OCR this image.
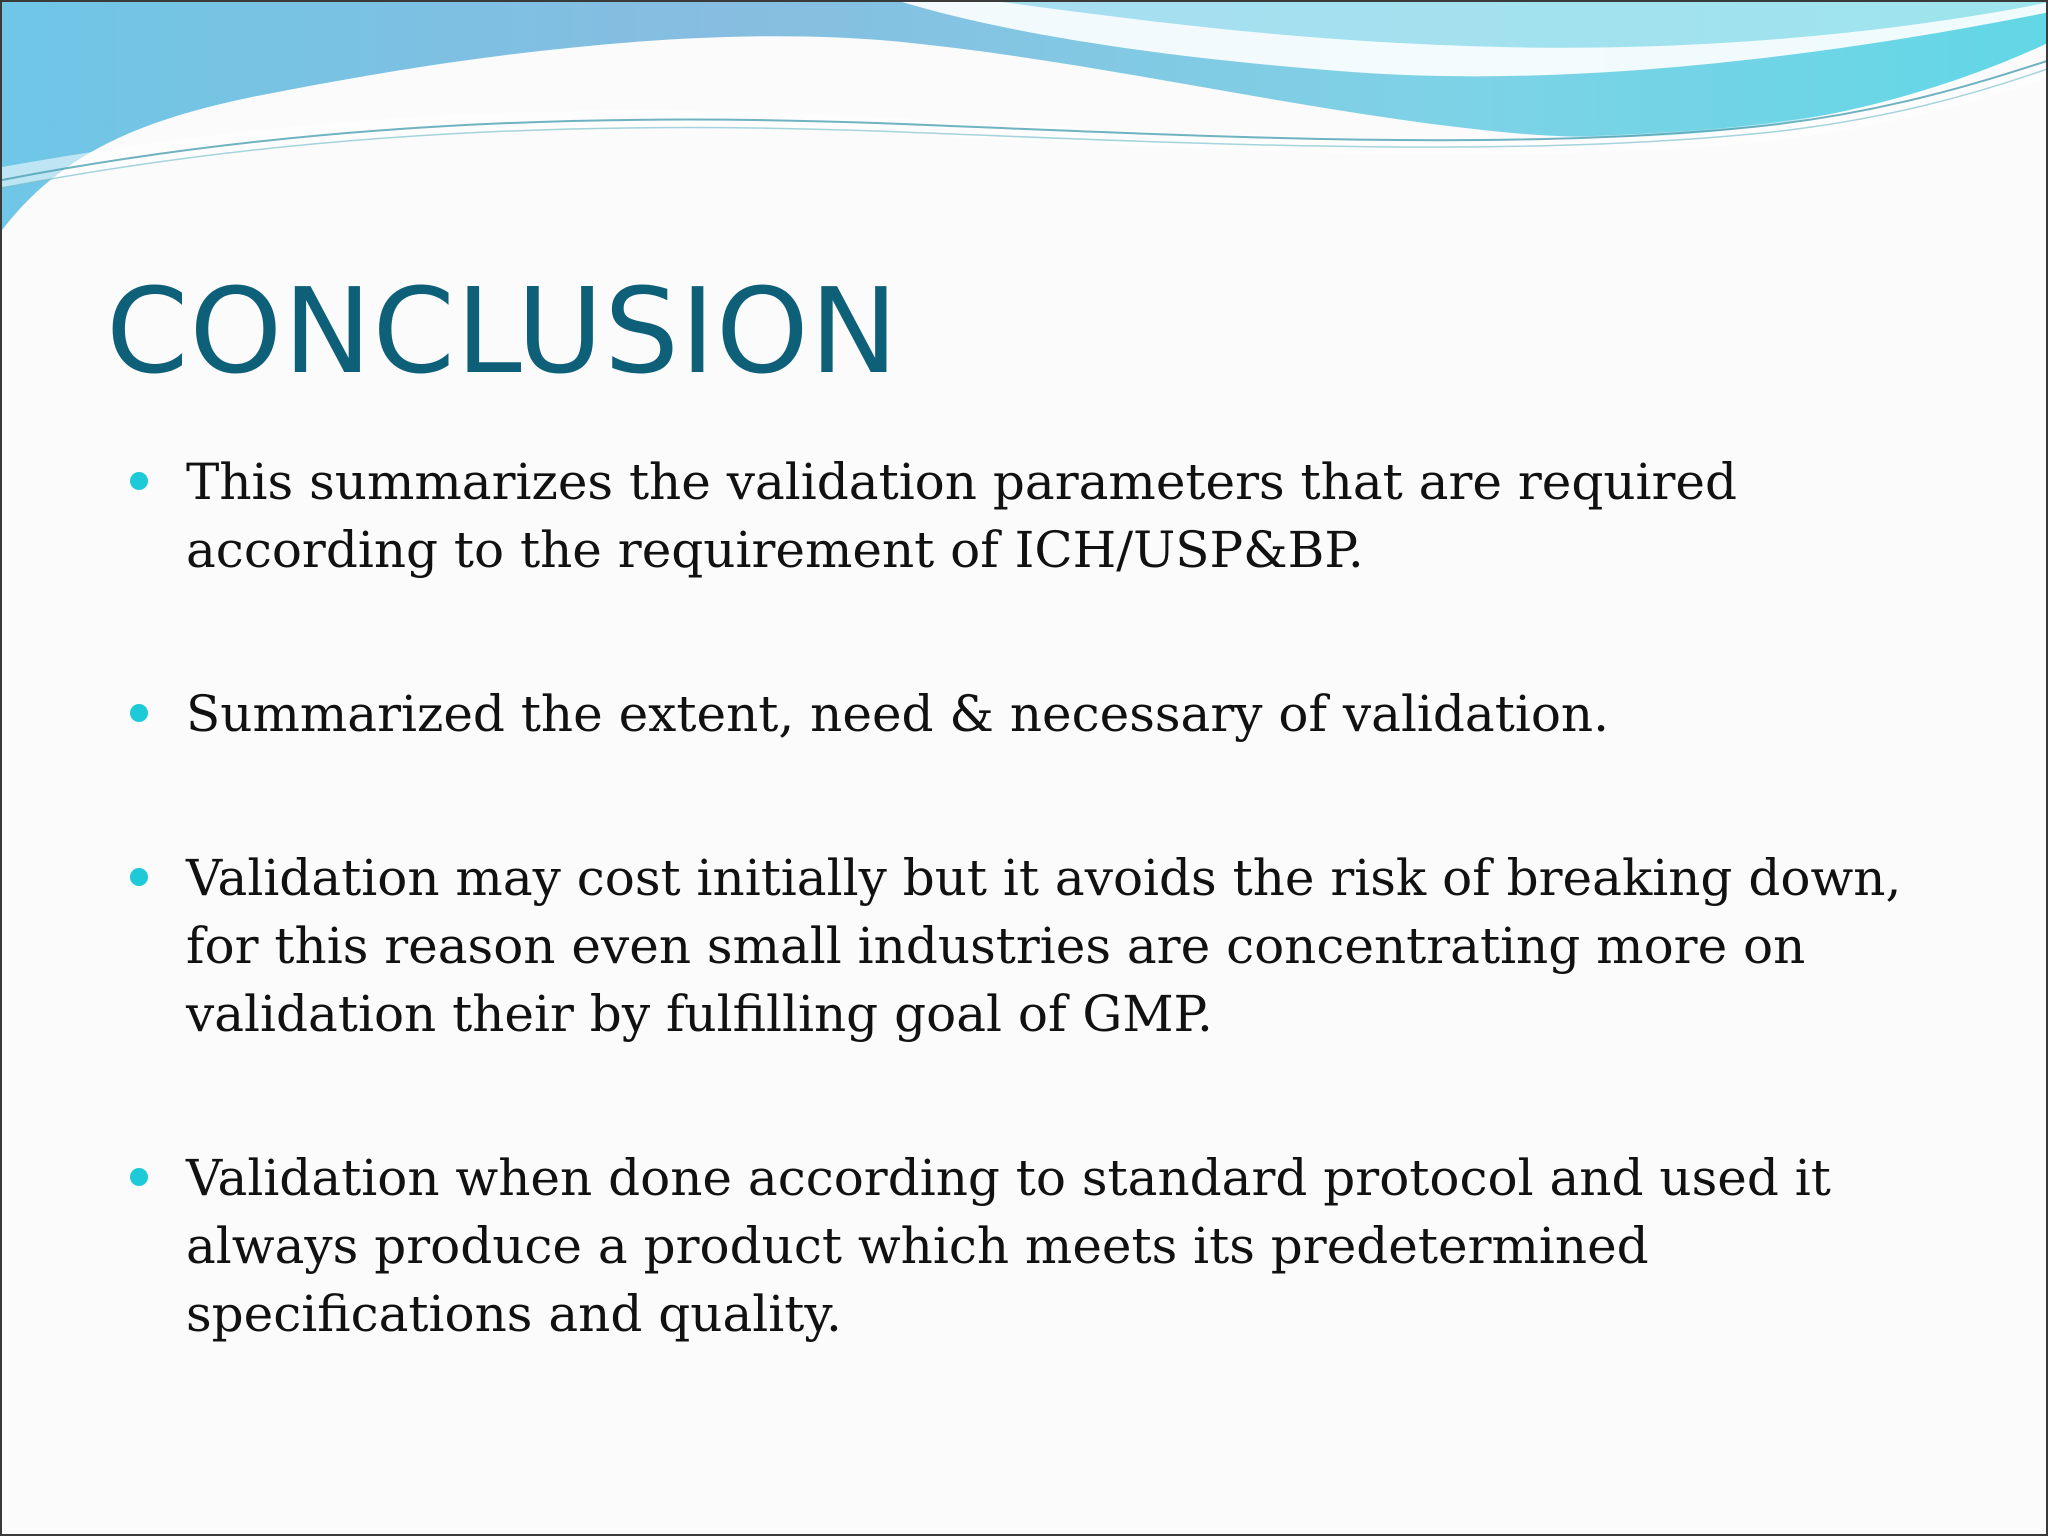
CONCLUSION
This summarizes the validation parameters that are required according to the requirement of ICH/USP&BP.
Summarized the extent, need & necessary of validation.
Validation may cost initially but it avoids the risk of breaking down, for this reason even small industries are concentrating more on validation their by fulfilling goal of GMP.
Validation when done according to standard protocol and used it always produce a product which meets its predetermined specifications and quality.
